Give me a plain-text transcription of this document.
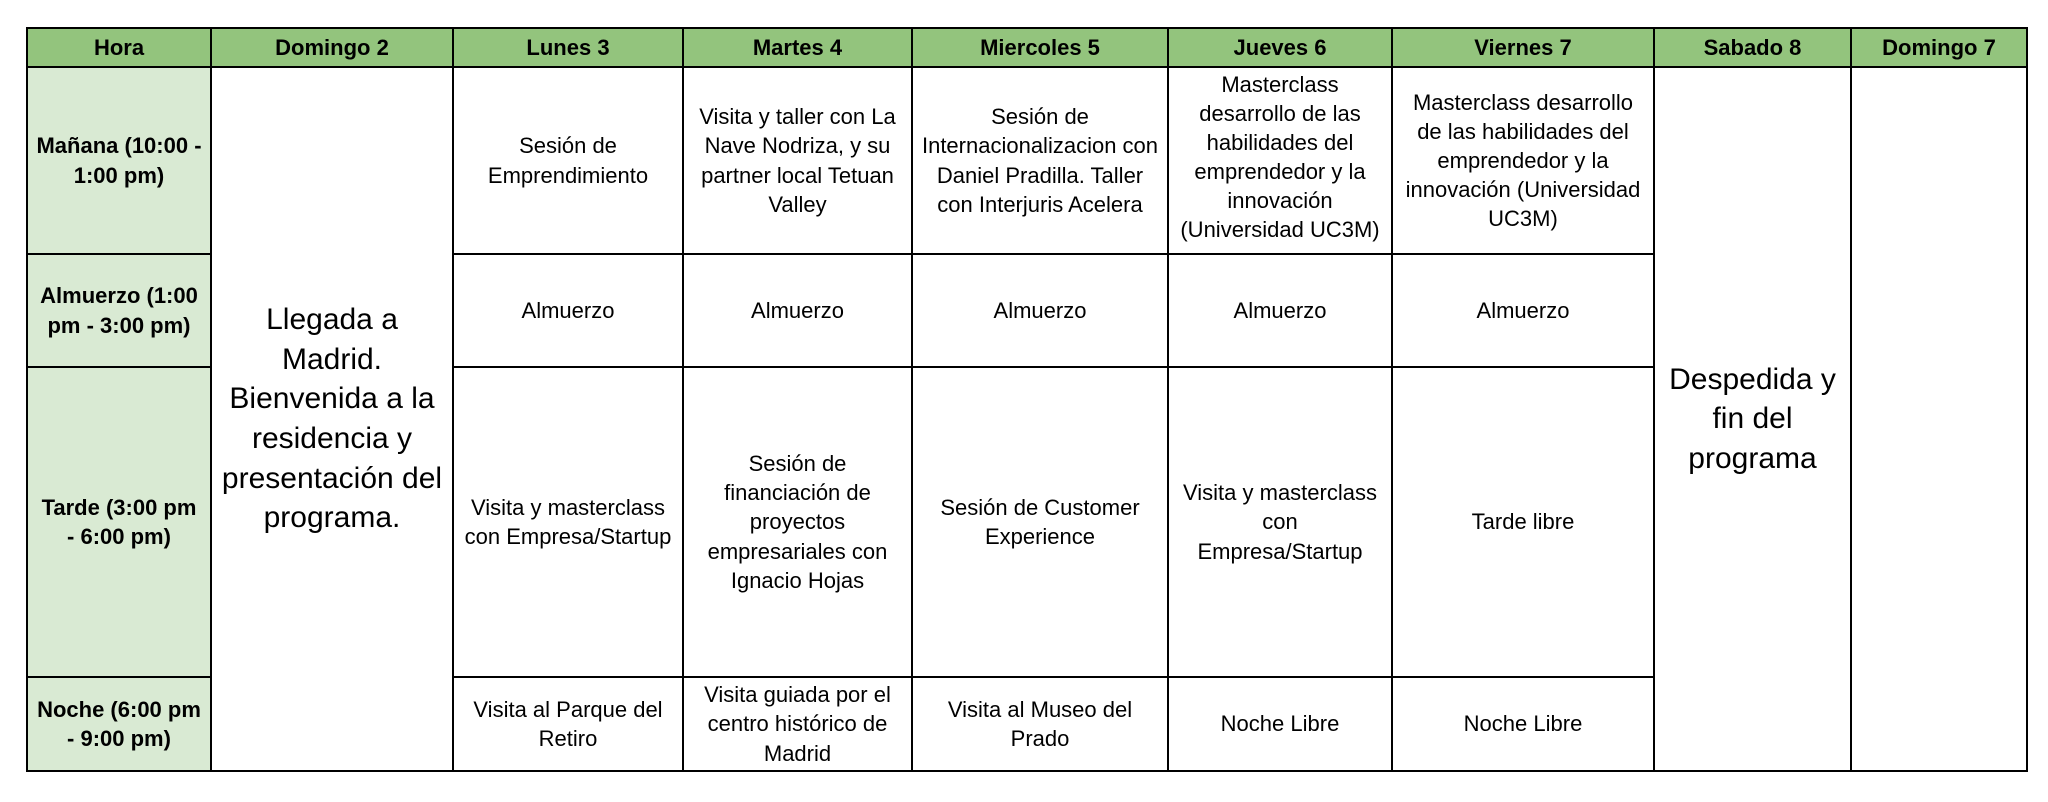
Hora	Domingo 2	Lunes 3	Martes 4	Miercoles 5	Jueves 6	Viernes 7	Sabado 8	Domingo 7
Mañana (10:00 - 1:00 pm)	Llegada a Madrid. Bienvenida a la residencia y presentación del programa.	Sesión de Emprendimiento	Visita y taller con La Nave Nodriza, y su partner local Tetuan Valley	Sesión de Internacionalizacion con Daniel Pradilla. Taller con Interjuris Acelera	Masterclass desarrollo de las habilidades del emprendedor y la innovación (Universidad UC3M)	Masterclass desarrollo de las habilidades del emprendedor y la innovación (Universidad UC3M)	Despedida y fin del programa	
Almuerzo (1:00 pm - 3:00 pm)		Almuerzo	Almuerzo	Almuerzo	Almuerzo	Almuerzo		
Tarde (3:00 pm - 6:00 pm)		Visita y masterclass con Empresa/Startup	Sesión de financiación de proyectos empresariales con Ignacio Hojas	Sesión de Customer Experience	Visita y masterclass con Empresa/Startup	Tarde libre		
Noche (6:00 pm - 9:00 pm)		Visita al Parque del Retiro	Visita guiada por el centro histórico de Madrid	Visita al Museo del Prado	Noche Libre	Noche Libre		
